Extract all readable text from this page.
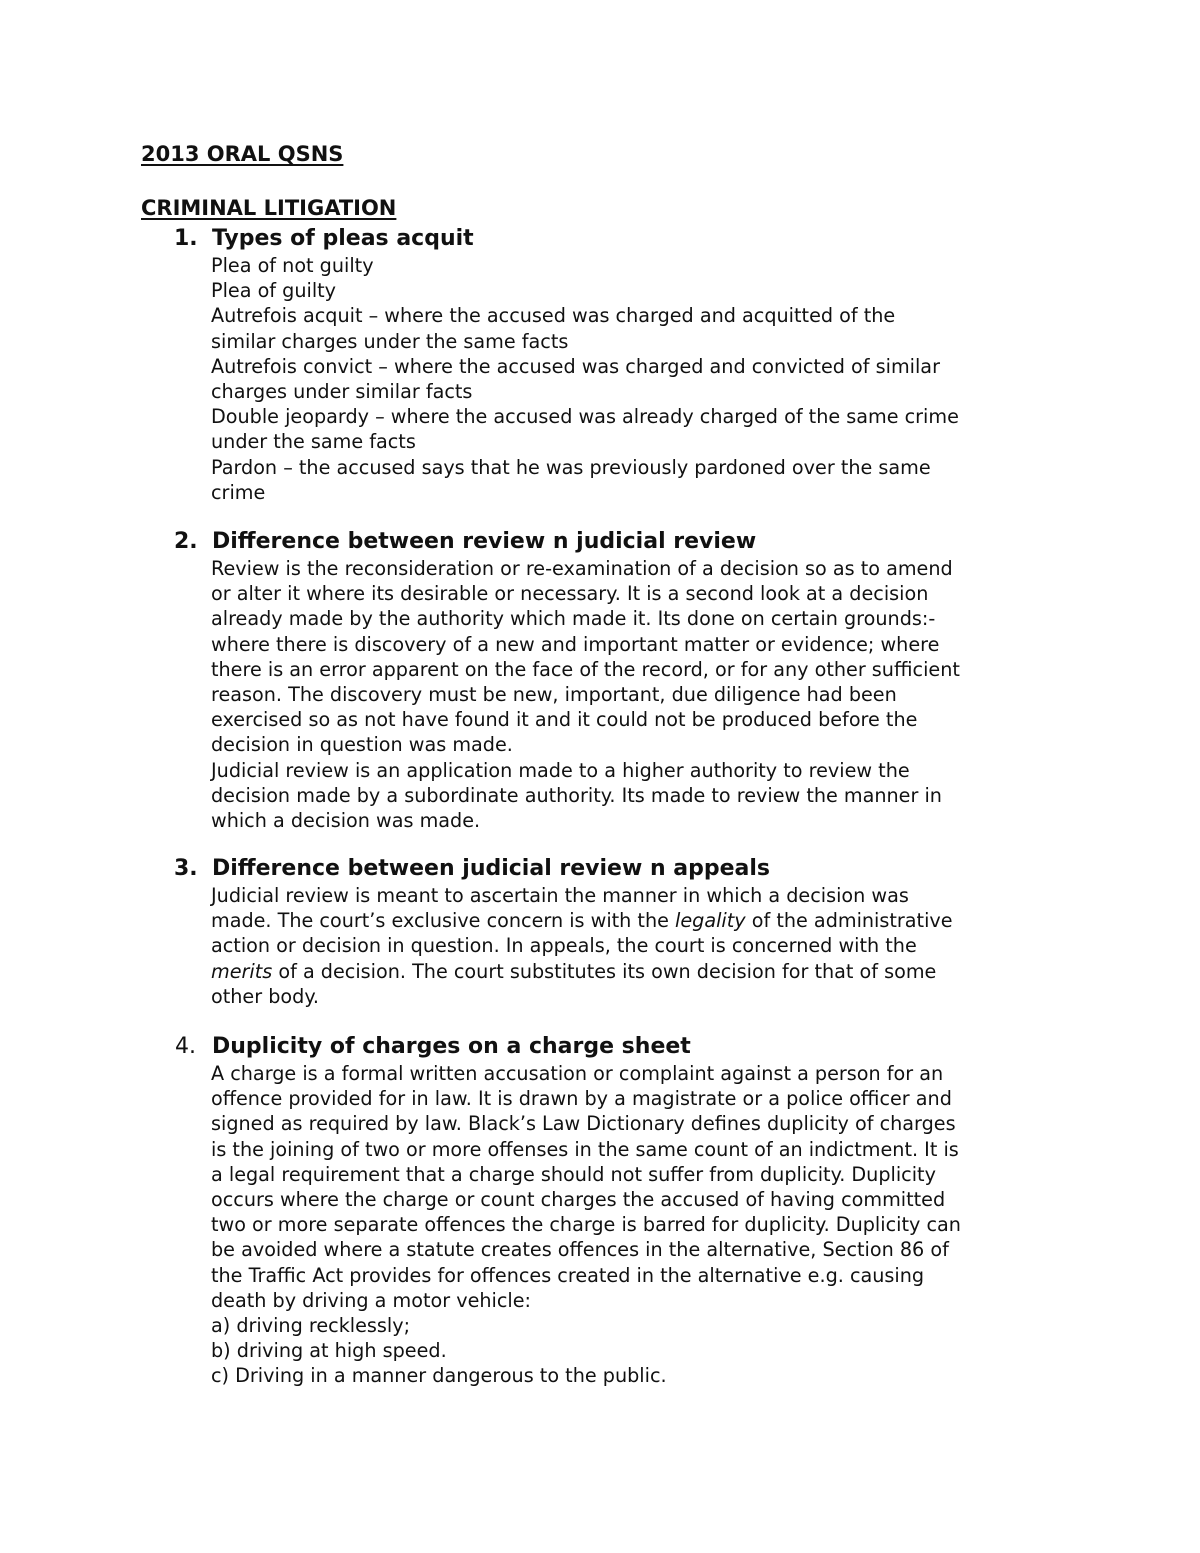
2013 ORAL QSNS
CRIMINAL LITIGATION
1. Types of pleas acquit
Plea of not guilty
Plea of guilty
Autrefois acquit – where the accused was charged and acquitted of the
similar charges under the same facts
Autrefois convict – where the accused was charged and convicted of similar
charges under similar facts
Double jeopardy – where the accused was already charged of the same crime
under the same facts
Pardon – the accused says that he was previously pardoned over the same
crime
2. Difference between review n judicial review
Review is the reconsideration or re-examination of a decision so as to amend
or alter it where its desirable or necessary. It is a second look at a decision
already made by the authority which made it. Its done on certain grounds:-
where there is discovery of a new and important matter or evidence; where
there is an error apparent on the face of the record, or for any other sufficient
reason. The discovery must be new, important, due diligence had been
exercised so as not have found it and it could not be produced before the
decision in question was made.
Judicial review is an application made to a higher authority to review the
decision made by a subordinate authority. Its made to review the manner in
which a decision was made.
3. Difference between judicial review n appeals
Judicial review is meant to ascertain the manner in which a decision was
made. The court’s exclusive concern is with the legality of the administrative
action or decision in question. In appeals, the court is concerned with the
merits of a decision. The court substitutes its own decision for that of some
other body.
4. Duplicity of charges on a charge sheet
A charge is a formal written accusation or complaint against a person for an
offence provided for in law. It is drawn by a magistrate or a police officer and
signed as required by law. Black’s Law Dictionary defines duplicity of charges
is the joining of two or more offenses in the same count of an indictment. It is
a legal requirement that a charge should not suffer from duplicity. Duplicity
occurs where the charge or count charges the accused of having committed
two or more separate offences the charge is barred for duplicity. Duplicity can
be avoided where a statute creates offences in the alternative, Section 86 of
the Traffic Act provides for offences created in the alternative e.g. causing
death by driving a motor vehicle:
a) driving recklessly;
b) driving at high speed.
c) Driving in a manner dangerous to the public.
